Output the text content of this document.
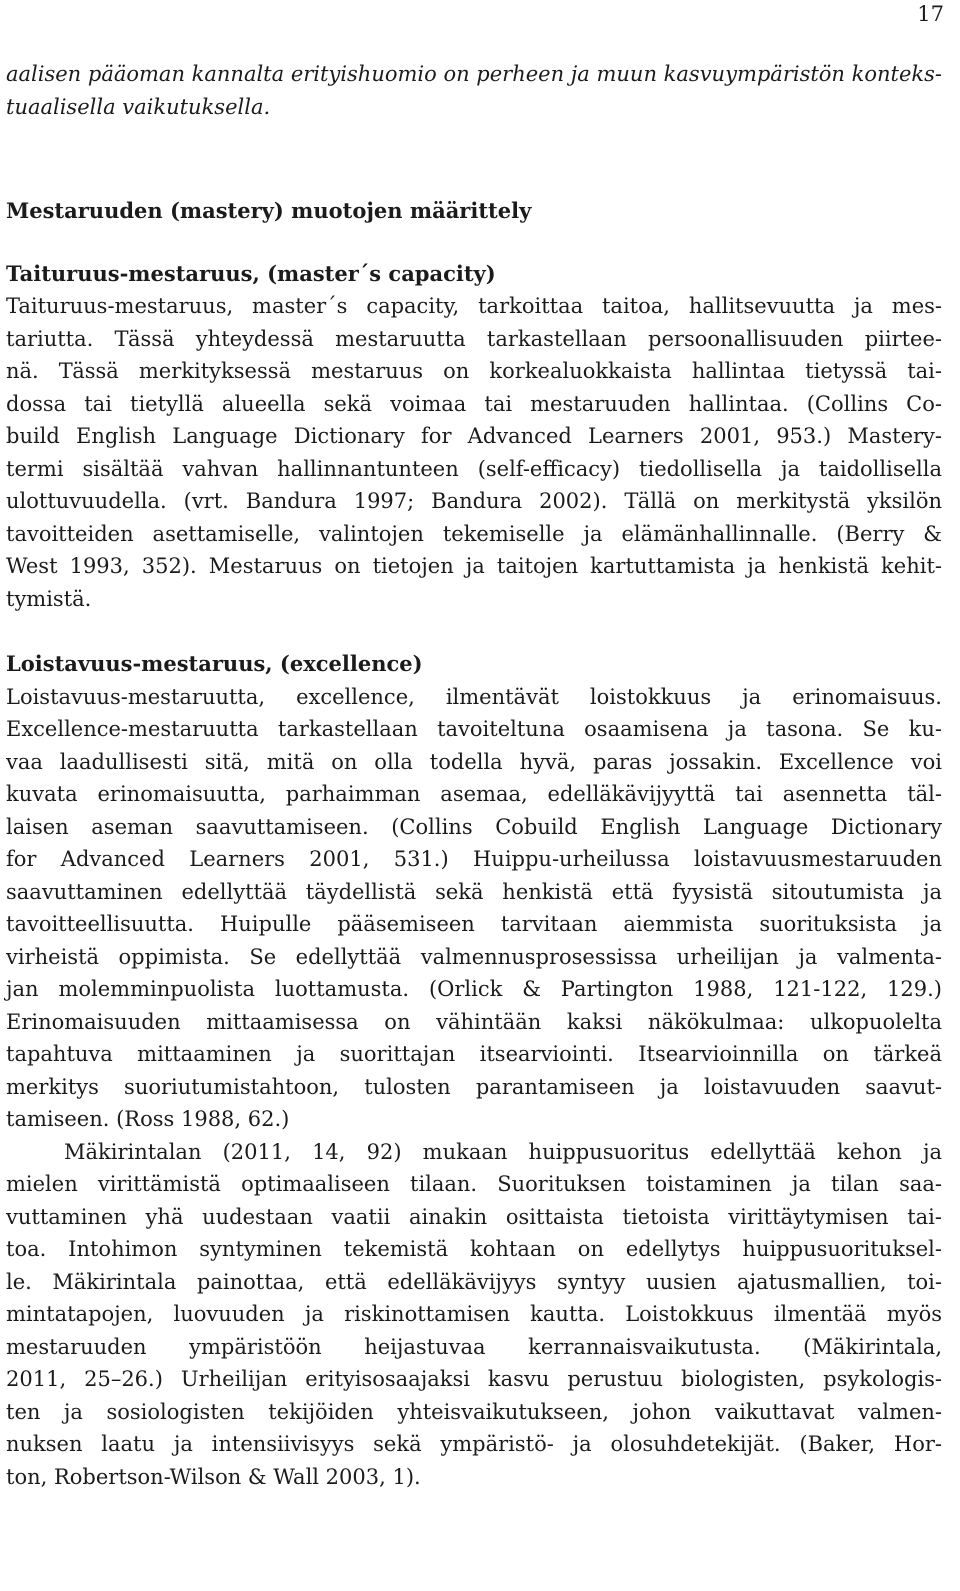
17
aalisen pääoman kannalta erityishuomio on perheen ja muun kasvuympäristön konteks-
tuaalisella vaikutuksella.
Mestaruuden (mastery) muotojen määrittely
Taituruus-mestaruus, (master´s capacity)
Taituruus-mestaruus, master´s capacity, tarkoittaa taitoa, hallitsevuutta ja mes-
tariutta. Tässä yhteydessä mestaruutta tarkastellaan persoonallisuuden piirtee-
nä. Tässä merkityksessä mestaruus on korkealuokkaista hallintaa tietyssä tai-
dossa tai tietyllä alueella sekä voimaa tai mestaruuden hallintaa. (Collins Co-
build English Language Dictionary for Advanced Learners 2001, 953.) Mastery-
termi sisältää vahvan hallinnantunteen (self-efficacy) tiedollisella ja taidollisella
ulottuvuudella. (vrt. Bandura 1997; Bandura 2002). Tällä on merkitystä yksilön
tavoitteiden asettamiselle, valintojen tekemiselle ja elämänhallinnalle. (Berry &
West 1993, 352). Mestaruus on tietojen ja taitojen kartuttamista ja henkistä kehit-
tymistä.
Loistavuus-mestaruus, (excellence)
Loistavuus-mestaruutta, excellence, ilmentävät loistokkuus ja erinomaisuus.
Excellence-mestaruutta tarkastellaan tavoiteltuna osaamisena ja tasona. Se ku-
vaa laadullisesti sitä, mitä on olla todella hyvä, paras jossakin. Excellence voi
kuvata erinomaisuutta, parhaimman asemaa, edelläkävijyyttä tai asennetta täl-
laisen aseman saavuttamiseen. (Collins Cobuild English Language Dictionary
for Advanced Learners 2001, 531.) Huippu-urheilussa loistavuusmestaruuden
saavuttaminen edellyttää täydellistä sekä henkistä että fyysistä sitoutumista ja
tavoitteellisuutta. Huipulle pääsemiseen tarvitaan aiemmista suorituksista ja
virheistä oppimista. Se edellyttää valmennusprosessissa urheilijan ja valmenta-
jan molemminpuolista luottamusta. (Orlick & Partington 1988, 121-122, 129.)
Erinomaisuuden mittaamisessa on vähintään kaksi näkökulmaa: ulkopuolelta
tapahtuva mittaaminen ja suorittajan itsearviointi. Itsearvioinnilla on tärkeä
merkitys suoriutumistahtoon, tulosten parantamiseen ja loistavuuden saavut-
tamiseen. (Ross 1988, 62.)
Mäkirintalan (2011, 14, 92) mukaan huippusuoritus edellyttää kehon ja
mielen virittämistä optimaaliseen tilaan. Suorituksen toistaminen ja tilan saa-
vuttaminen yhä uudestaan vaatii ainakin osittaista tietoista virittäytymisen tai-
toa. Intohimon syntyminen tekemistä kohtaan on edellytys huippusuorituksel-
le. Mäkirintala painottaa, että edelläkävijyys syntyy uusien ajatusmallien, toi-
mintatapojen, luovuuden ja riskinottamisen kautta. Loistokkuus ilmentää myös
mestaruuden ympäristöön heijastuvaa kerrannaisvaikutusta. (Mäkirintala,
2011, 25–26.) Urheilijan erityisosaajaksi kasvu perustuu biologisten, psykologis-
ten ja sosiologisten tekijöiden yhteisvaikutukseen, johon vaikuttavat valmen-
nuksen laatu ja intensiivisyys sekä ympäristö- ja olosuhdetekijät. (Baker, Hor-
ton, Robertson-Wilson & Wall 2003, 1).
